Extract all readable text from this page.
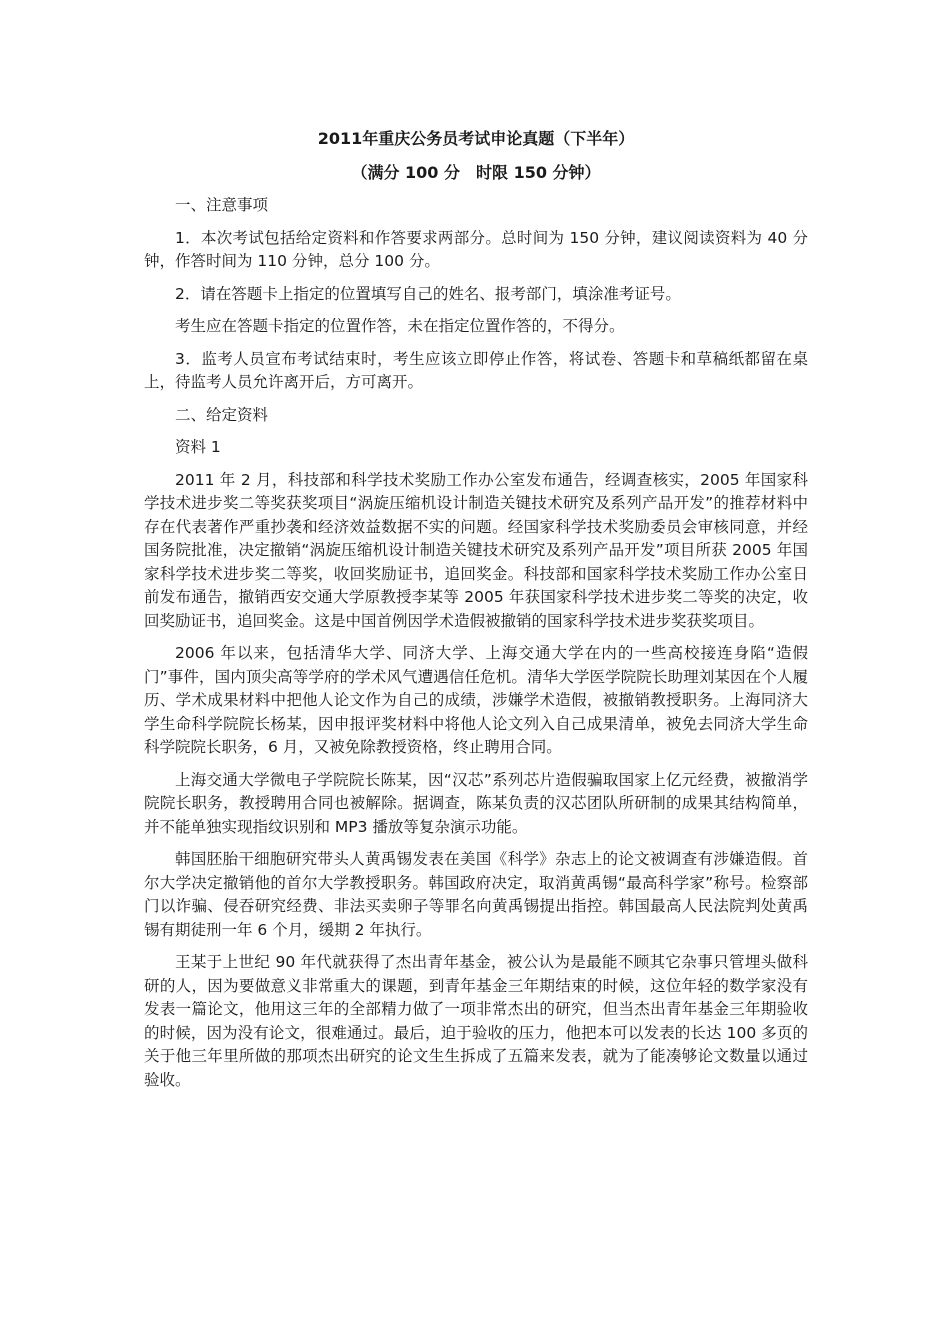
2011年重庆公务员考试申论真题（下半年）
（满分 100 分　时限 150 分钟）

一、注意事项

1．本次考试包括给定资料和作答要求两部分。总时间为 150 分钟，建议阅读资料为 40 分钟，作答时间为 110 分钟，总分 100 分。

2．请在答题卡上指定的位置填写自己的姓名、报考部门，填涂准考证号。

考生应在答题卡指定的位置作答，未在指定位置作答的，不得分。

3．监考人员宣布考试结束时，考生应该立即停止作答，将试卷、答题卡和草稿纸都留在桌上，待监考人员允许离开后，方可离开。

二、给定资料

资料 1

2011 年 2 月，科技部和科学技术奖励工作办公室发布通告，经调查核实，2005 年国家科学技术进步奖二等奖获奖项目“涡旋压缩机设计制造关键技术研究及系列产品开发”的推荐材料中存在代表著作严重抄袭和经济效益数据不实的问题。经国家科学技术奖励委员会审核同意，并经国务院批准，决定撤销“涡旋压缩机设计制造关键技术研究及系列产品开发”项目所获 2005 年国家科学技术进步奖二等奖，收回奖励证书，追回奖金。科技部和国家科学技术奖励工作办公室日前发布通告，撤销西安交通大学原教授李某等 2005 年获国家科学技术进步奖二等奖的决定，收回奖励证书，追回奖金。这是中国首例因学术造假被撤销的国家科学技术进步奖获奖项目。

2006 年以来，包括清华大学、同济大学、上海交通大学在内的一些高校接连身陷“造假门”事件，国内顶尖高等学府的学术风气遭遇信任危机。清华大学医学院院长助理刘某因在个人履历、学术成果材料中把他人论文作为自己的成绩，涉嫌学术造假，被撤销教授职务。上海同济大学生命科学院院长杨某，因申报评奖材料中将他人论文列入自己成果清单，被免去同济大学生命科学院院长职务，6 月，又被免除教授资格，终止聘用合同。

上海交通大学微电子学院院长陈某，因“汉芯”系列芯片造假骗取国家上亿元经费，被撤消学院院长职务，教授聘用合同也被解除。据调查，陈某负责的汉芯团队所研制的成果其结构简单，并不能单独实现指纹识别和 MP3 播放等复杂演示功能。

韩国胚胎干细胞研究带头人黄禹锡发表在美国《科学》杂志上的论文被调查有涉嫌造假。首尔大学决定撤销他的首尔大学教授职务。韩国政府决定，取消黄禹锡“最高科学家”称号。检察部门以诈骗、侵吞研究经费、非法买卖卵子等罪名向黄禹锡提出指控。韩国最高人民法院判处黄禹锡有期徒刑一年 6 个月，缓期 2 年执行。

王某于上世纪 90 年代就获得了杰出青年基金，被公认为是最能不顾其它杂事只管埋头做科研的人，因为要做意义非常重大的课题，到青年基金三年期结束的时候，这位年轻的数学家没有发表一篇论文，他用这三年的全部精力做了一项非常杰出的研究，但当杰出青年基金三年期验收的时候，因为没有论文，很难通过。最后，迫于验收的压力，他把本可以发表的长达 100 多页的关于他三年里所做的那项杰出研究的论文生生拆成了五篇来发表，就为了能凑够论文数量以通过验收。
